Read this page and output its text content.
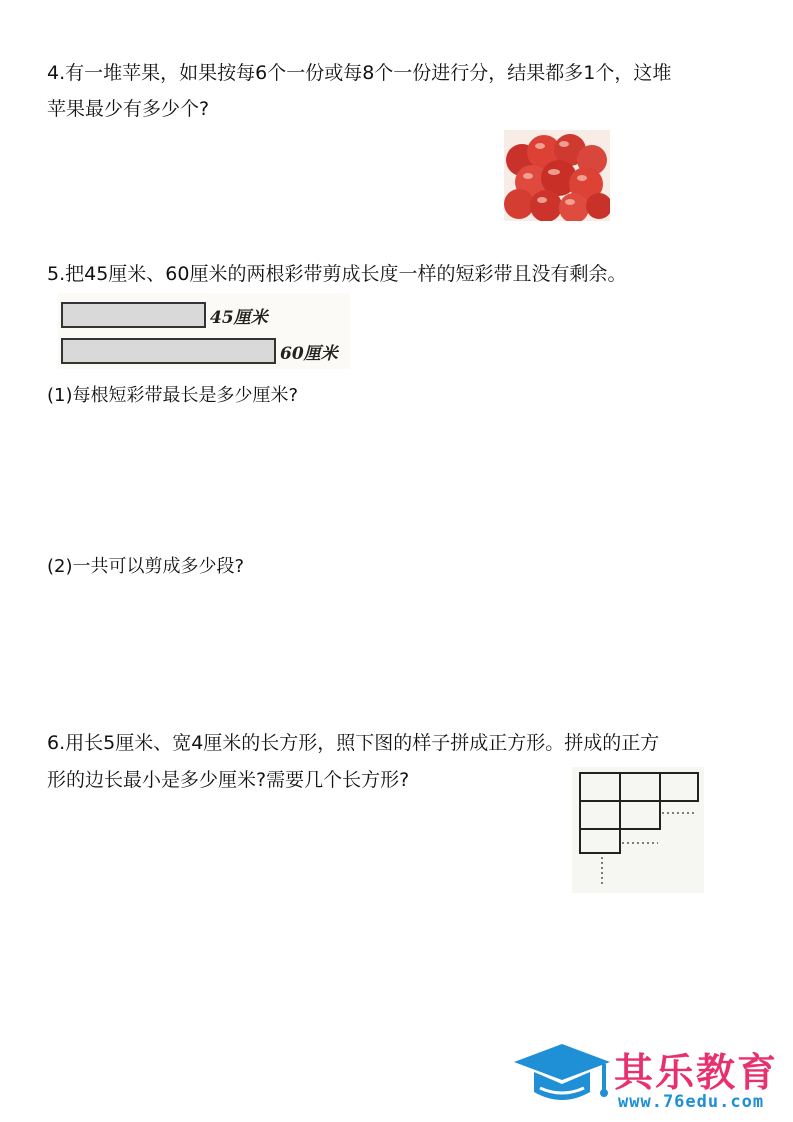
4.有一堆苹果，如果按每6个一份或每8个一份进行分，结果都多1个，这堆
苹果最少有多少个?
5.把45厘米、60厘米的两根彩带剪成长度一样的短彩带且没有剩余。
45厘米
60厘米
(1)每根短彩带最长是多少厘米?
(2)一共可以剪成多少段?
6.用长5厘米、宽4厘米的长方形，照下图的样子拼成正方形。拼成的正方
形的边长最小是多少厘米?需要几个长方形?
其乐教育
www.76edu.com
